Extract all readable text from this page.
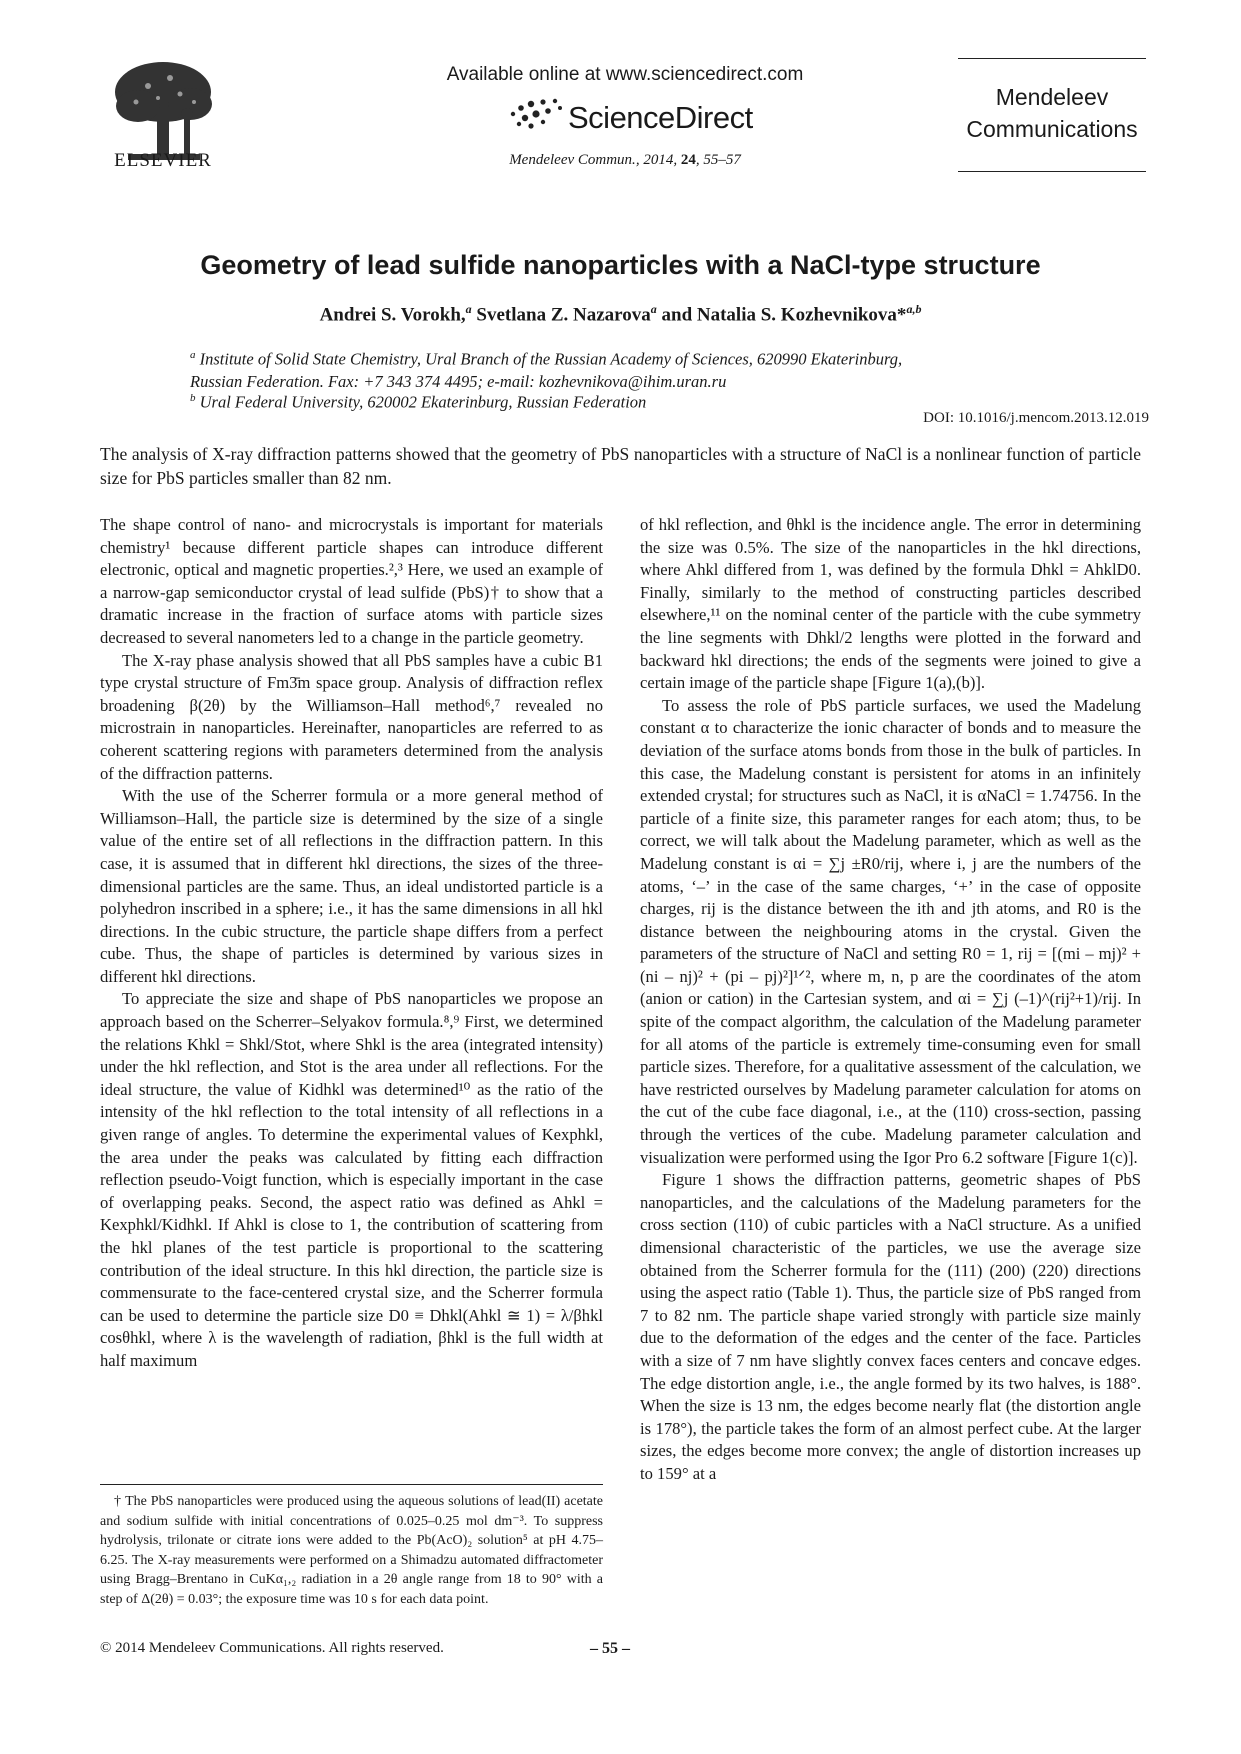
ELSEVIER
Available online at www.sciencedirect.com
ScienceDirect
Mendeleev Commun., 2014, 24, 55–57
Mendeleev
Communications
Geometry of lead sulfide nanoparticles with a NaCl-type structure
Andrei S. Vorokh,$^a$ Svetlana Z. Nazarova$^a$ and Natalia S. Kozhevnikova*$^{a,b}$
$^a$ Institute of Solid State Chemistry, Ural Branch of the Russian Academy of Sciences, 620990 Ekaterinburg,
Russian Federation. Fax: +7 343 374 4495; e-mail: kozhevnikova@ihim.uran.ru
$^b$ Ural Federal University, 620002 Ekaterinburg, Russian Federation
DOI: 10.1016/j.mencom.2013.12.019
The analysis of X-ray diffraction patterns showed that the geometry of PbS nanoparticles with a structure of NaCl is a nonlinear function of particle size for PbS particles smaller than 82 nm.

The shape control of nano- and microcrystals is important for materials chemistry¹ because different particle shapes can introduce different electronic, optical and magnetic properties.²,³ Here, we used an example of a narrow-gap semiconductor crystal of lead sulfide (PbS)† to show that a dramatic increase in the fraction of surface atoms with particle sizes decreased to several nanometers led to a change in the particle geometry.

The X-ray phase analysis showed that all PbS samples have a cubic B1 type crystal structure of Fm3̄m space group. Analysis of diffraction reflex broadening β(2θ) by the Williamson–Hall method⁶,⁷ revealed no microstrain in nanoparticles. Hereinafter, nanoparticles are referred to as coherent scattering regions with parameters determined from the analysis of the diffraction patterns.

With the use of the Scherrer formula or a more general method of Williamson–Hall, the particle size is determined by the size of a single value of the entire set of all reflections in the diffraction pattern. In this case, it is assumed that in different hkl directions, the sizes of the three-dimensional particles are the same. Thus, an ideal undistorted particle is a polyhedron inscribed in a sphere; i.e., it has the same dimensions in all hkl directions. In the cubic structure, the particle shape differs from a perfect cube. Thus, the shape of particles is determined by various sizes in different hkl directions.

To appreciate the size and shape of PbS nanoparticles we propose an approach based on the Scherrer–Selyakov formula.⁸,⁹ First, we determined the relations Khkl = Shkl/Stot, where Shkl is the area (integrated intensity) under the hkl reflection, and Stot is the area under all reflections. For the ideal structure, the value of Kidhkl was determined¹⁰ as the ratio of the intensity of the hkl reflection to the total intensity of all reflections in a given range of angles. To determine the experimental values of Kexphkl, the area under the peaks was calculated by fitting each diffraction reflection pseudo-Voigt function, which is especially important in the case of overlapping peaks. Second, the aspect ratio was defined as Ahkl = Kexphkl/Kidhkl. If Ahkl is close to 1, the contribution of scattering from the hkl planes of the test particle is proportional to the scattering contribution of the ideal structure. In this hkl direction, the particle size is commensurate to the face-centered crystal size, and the Scherrer formula can be used to determine the particle size D0 ≡ Dhkl(Ahkl ≅ 1) = λ/βhkl cosθhkl, where λ is the wavelength of radiation, βhkl is the full width at half maximum

of hkl reflection, and θhkl is the incidence angle. The error in determining the size was 0.5%. The size of the nanoparticles in the hkl directions, where Ahkl differed from 1, was defined by the formula Dhkl = AhklD0. Finally, similarly to the method of constructing particles described elsewhere,¹¹ on the nominal center of the particle with the cube symmetry the line segments with Dhkl/2 lengths were plotted in the forward and backward hkl directions; the ends of the segments were joined to give a certain image of the particle shape [Figure 1(a),(b)].

To assess the role of PbS particle surfaces, we used the Madelung constant α to characterize the ionic character of bonds and to measure the deviation of the surface atoms bonds from those in the bulk of particles. In this case, the Madelung constant is persistent for atoms in an infinitely extended crystal; for structures such as NaCl, it is αNaCl = 1.74756. In the particle of a finite size, this parameter ranges for each atom; thus, to be correct, we will talk about the Madelung parameter, which as well as the Madelung constant is αi = ∑j ±R0/rij, where i, j are the numbers of the atoms, ‘–’ in the case of the same charges, ‘+’ in the case of opposite charges, rij is the distance between the ith and jth atoms, and R0 is the distance between the neighbouring atoms in the crystal. Given the parameters of the structure of NaCl and setting R0 = 1, rij = [(mi – mj)² + (ni – nj)² + (pi – pj)²]¹ᐟ², where m, n, p are the coordinates of the atom (anion or cation) in the Cartesian system, and αi = ∑j (–1)^(rij²+1)/rij. In spite of the compact algorithm, the calculation of the Madelung parameter for all atoms of the particle is extremely time-consuming even for small particle sizes. Therefore, for a qualitative assessment of the calculation, we have restricted ourselves by Madelung parameter calculation for atoms on the cut of the cube face diagonal, i.e., at the (110) cross-section, passing through the vertices of the cube. Madelung parameter calculation and visualization were performed using the Igor Pro 6.2 software [Figure 1(c)].

Figure 1 shows the diffraction patterns, geometric shapes of PbS nanoparticles, and the calculations of the Madelung parameters for the cross section (110) of cubic particles with a NaCl structure. As a unified dimensional characteristic of the particles, we use the average size obtained from the Scherrer formula for the (111) (200) (220) directions using the aspect ratio (Table 1). Thus, the particle size of PbS ranged from 7 to 82 nm. The particle shape varied strongly with particle size mainly due to the deformation of the edges and the center of the face. Particles with a size of 7 nm have slightly convex faces centers and concave edges. The edge distortion angle, i.e., the angle formed by its two halves, is 188°. When the size is 13 nm, the edges become nearly flat (the distortion angle is 178°), the particle takes the form of an almost perfect cube. At the larger sizes, the edges become more convex; the angle of distortion increases up to 159° at a

† The PbS nanoparticles were produced using the aqueous solutions of lead(II) acetate and sodium sulfide with initial concentrations of 0.025–0.25 mol dm⁻³. To suppress hydrolysis, trilonate or citrate ions were added to the Pb(AcO)₂ solution⁵ at pH 4.75–6.25. The X-ray measurements were performed on a Shimadzu automated diffractometer using Bragg–Brentano in CuKα₁,₂ radiation in a 2θ angle range from 18 to 90° with a step of Δ(2θ) = 0.03°; the exposure time was 10 s for each data point.

© 2014 Mendeleev Communications. All rights reserved.	– 55 –
